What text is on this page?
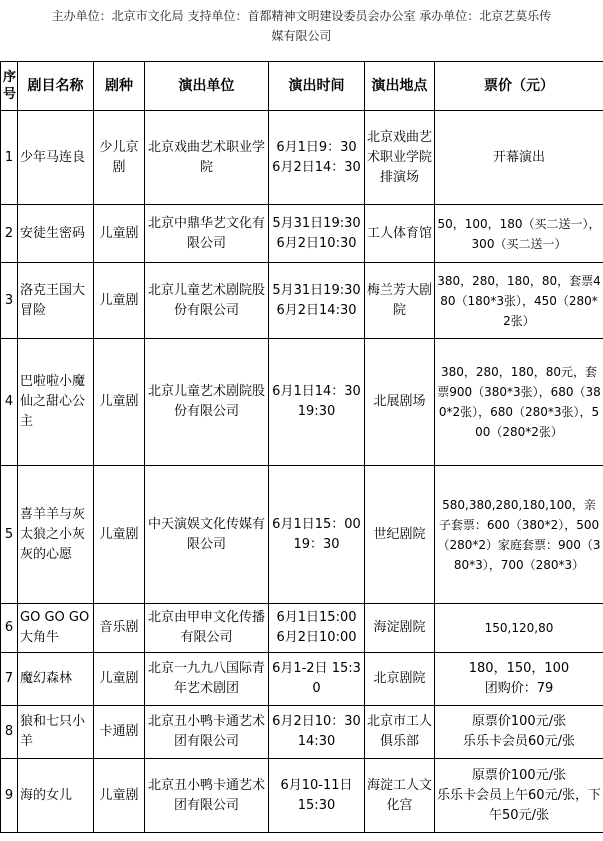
主办单位：北京市文化局 支持单位：首都精神文明建设委员会办公室 承办单位：北京艺莫乐传
媒有限公司
序号	剧目名称	剧种	演出单位	演出时间	演出地点	票价（元）
1	少年马连良	少儿京剧	北京戏曲艺术职业学院	6月1日9：30
6月2日14：30	北京戏曲艺术职业学院排演场	开幕演出

2	安徒生密码	儿童剧	北京中鼎华艺文化有限公司	5月31日19:30
6月2日10:30	工人体育馆	50，100，180（买二送一），300（买二送一）

3	洛克王国大冒险	儿童剧	北京儿童艺术剧院股份有限公司	5月31日19:30
6月2日14:30	梅兰芳大剧院	380，280，180，80，套票480（180*3张），450（280*2张）

4	巴啦啦小魔仙之甜心公主	儿童剧	北京儿童艺术剧院股份有限公司	6月1日14：30
19:30	北展剧场	380，280，180，80元，套票900（380*3张），680（380*2张），680（280*3张），500（280*2张）

5	喜羊羊与灰太狼之小灰灰的心愿	儿童剧	中天演娱文化传媒有限公司	6月1日15：00
19：30	世纪剧院	580,380,280,180,100，亲子套票：600（380*2），500（280*2）家庭套票：900（380*3），700（280*3）

6	GO GO GO大角牛	音乐剧	北京由甲申文化传播有限公司	6月1日15:00
6月2日10:00	海淀剧院	150,120,80

7	魔幻森林	儿童剧	北京一九九八国际青年艺术剧团	6月1-2日 15:30	北京剧院	180，150，100
团购价：79

8	狼和七只小羊	卡通剧	北京丑小鸭卡通艺术团有限公司	6月2日10：30
14:30	北京市工人俱乐部	原票价100元/张
乐乐卡会员60元/张

9	海的女儿	儿童剧	北京丑小鸭卡通艺术团有限公司	6月10-11日
15:30	海淀工人文化宫	原票价100元/张
乐乐卡会员上午60元/张，下午50元/张
